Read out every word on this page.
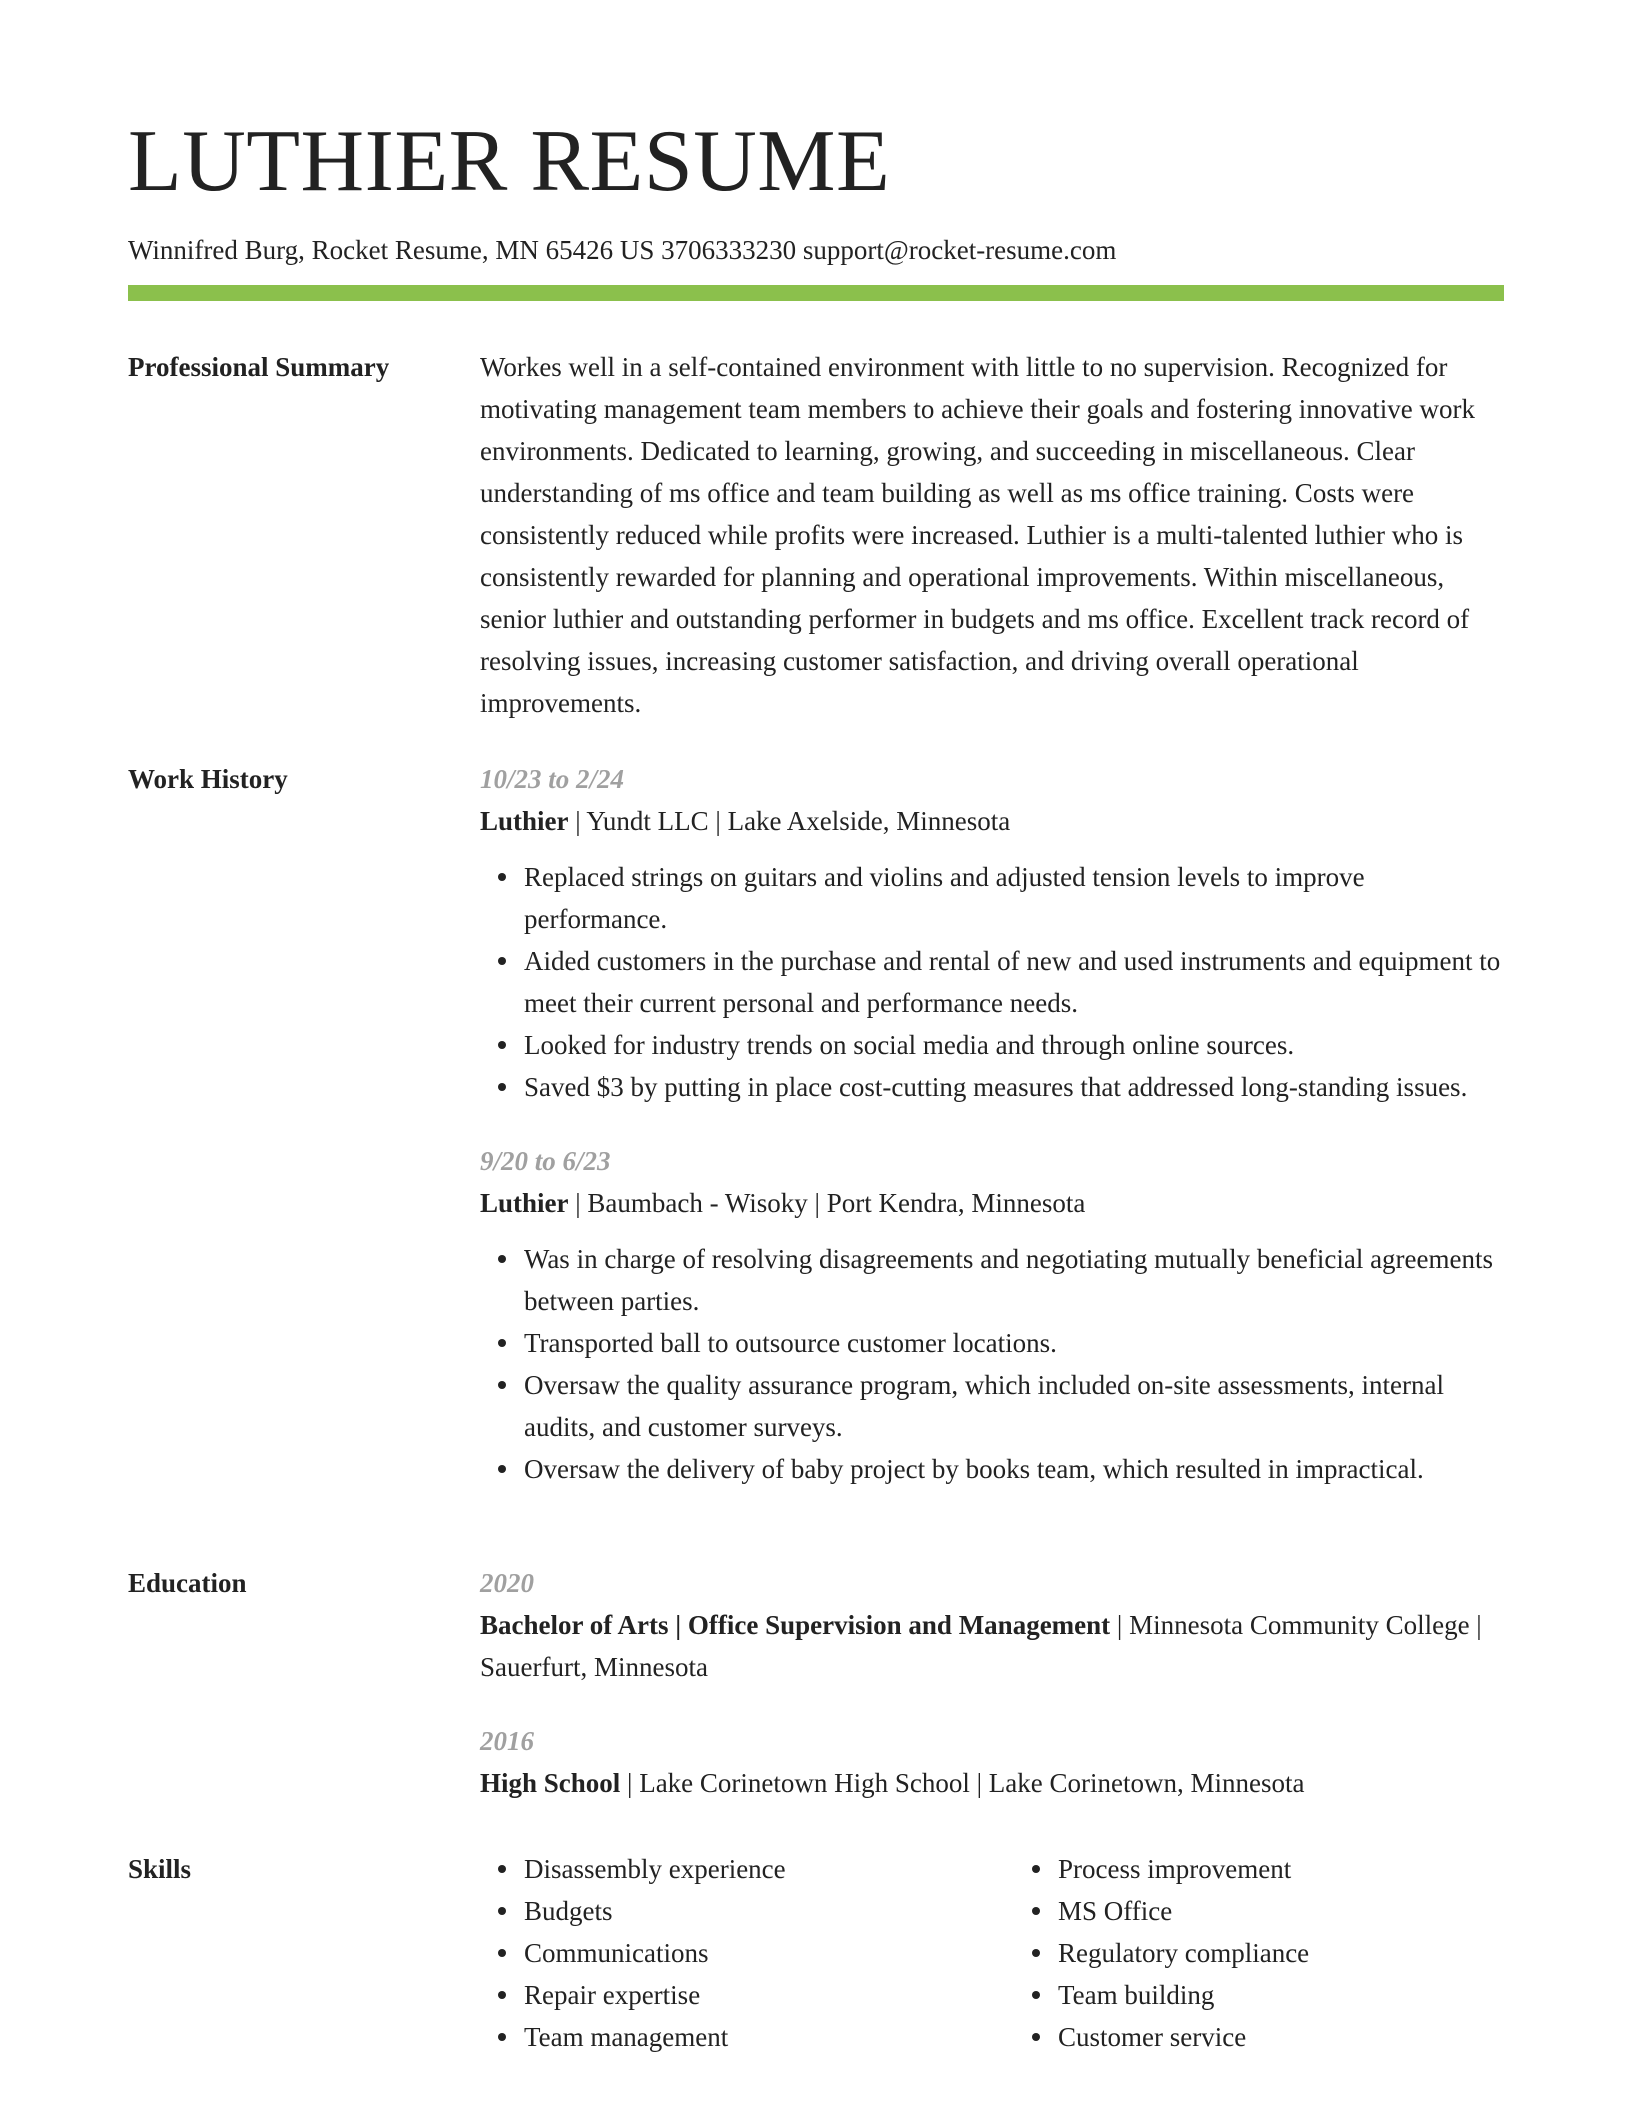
LUTHIER RESUME
Winnifred Burg, Rocket Resume, MN 65426 US 3706333230 support@rocket-resume.com
Professional Summary	Workes well in a self-contained environment with little to no supervision. Recognized for motivating management team members to achieve their goals and fostering innovative work environments. Dedicated to learning, growing, and succeeding in miscellaneous. Clear understanding of ms office and team building as well as ms office training. Costs were consistently reduced while profits were increased. Luthier is a multi-talented luthier who is consistently rewarded for planning and operational improvements. Within miscellaneous, senior luthier and outstanding performer in budgets and ms office. Excellent track record of resolving issues, increasing customer satisfaction, and driving overall operational improvements.

Work History	10/23 to 2/24
Luthier | Yundt LLC | Lake Axelside, Minnesota
Replaced strings on guitars and violins and adjusted tension levels to improve performance.
Aided customers in the purchase and rental of new and used instruments and equipment to meet their current personal and performance needs.
Looked for industry trends on social media and through online sources.
Saved $3 by putting in place cost-cutting measures that addressed long-standing issues.
9/20 to 6/23
Luthier | Baumbach - Wisoky | Port Kendra, Minnesota
Was in charge of resolving disagreements and negotiating mutually beneficial agreements between parties.
Transported ball to outsource customer locations.
Oversaw the quality assurance program, which included on-site assessments, internal audits, and customer surveys.
Oversaw the delivery of baby project by books team, which resulted in impractical.
Education	2020
Bachelor of Arts | Office Supervision and Management | Minnesota Community College | Sauerfurt, Minnesota
2016
High School | Lake Corinetown High School | Lake Corinetown, Minnesota
Skills	Disassembly experience
Budgets
Communications
Repair expertise
Team management
Process improvement
MS Office
Regulatory compliance
Team building
Customer service
